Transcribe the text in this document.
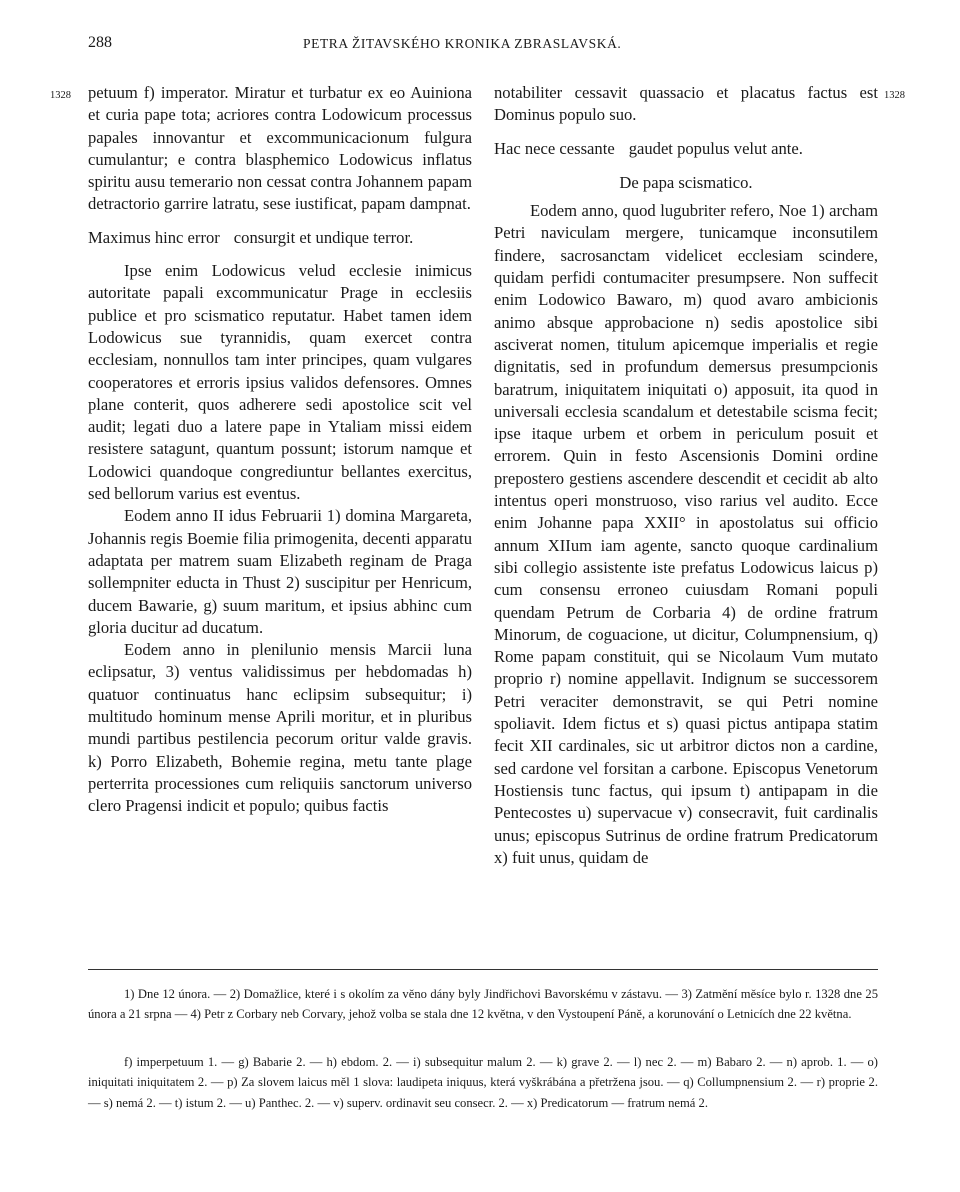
288	PETRA ŽITAVSKÉHO KRONIKA ZBRASLAVSKÁ.
1328	1328

petuum f) imperator. Miratur et turbatur ex eo Auiniona et curia pape tota; acriores contra Lodowicum processus papales innovantur et excommunicacionum fulgura cumulantur; e contra blasphemico Lodowicus inflatus spiritu ausu temerario non cessat contra Johannem papam detractorio garrire latratu, sese iustificat, papam dampnat.

Maximus hinc error consurgit et undique terror.

Ipse enim Lodowicus velud ecclesie inimicus autoritate papali excommunicatur Prage in ecclesiis publice et pro scismatico reputatur. Habet tamen idem Lodowicus sue tyrannidis, quam exercet contra ecclesiam, nonnullos tam inter principes, quam vulgares cooperatores et erroris ipsius validos defensores. Omnes plane conterit, quos adherere sedi apostolice scit vel audit; legati duo a latere pape in Ytaliam missi eidem resistere satagunt, quantum possunt; istorum namque et Lodowici quandoque congrediuntur bellantes exercitus, sed bellorum varius est eventus.

Eodem anno II idus Februarii 1) domina Margareta, Johannis regis Boemie filia primogenita, decenti apparatu adaptata per matrem suam Elizabeth reginam de Praga sollempniter educta in Thust 2) suscipitur per Henricum, ducem Bawarie, g) suum maritum, et ipsius abhinc cum gloria ducitur ad ducatum.

Eodem anno in plenilunio mensis Marcii luna eclipsatur, 3) ventus validissimus per hebdomadas h) quatuor continuatus hanc eclipsim subsequitur; i) multitudo hominum mense Aprili moritur, et in pluribus mundi partibus pestilencia pecorum oritur valde gravis. k) Porro Elizabeth, Bohemie regina, metu tante plage perterrita processiones cum reliquiis sanctorum universo clero Pragensi indicit et populo; quibus factis

notabiliter cessavit quassacio et placatus factus est Dominus populo suo.

Hac nece cessante gaudet populus velut ante.
De papa scismatico.

Eodem anno, quod lugubriter refero, Noe 1) archam Petri naviculam mergere, tunicamque inconsutilem findere, sacrosanctam videlicet ecclesiam scindere, quidam perfidi contumaciter presumpsere. Non suffecit enim Lodowico Bawaro, m) quod avaro ambicionis animo absque approbacione n) sedis apostolice sibi asciverat nomen, titulum apicemque imperialis et regie dignitatis, sed in profundum demersus presumpcionis baratrum, iniquitatem iniquitati o) apposuit, ita quod in universali ecclesia scandalum et detestabile scisma fecit; ipse itaque urbem et orbem in periculum posuit et errorem. Quin in festo Ascensionis Domini ordine prepostero gestiens ascendere descendit et cecidit ab alto intentus operi monstruoso, viso rarius vel audito. Ecce enim Johanne papa XXII° in apostolatus sui officio annum XIIum iam agente, sancto quoque cardinalium sibi collegio assistente iste prefatus Lodowicus laicus p) cum consensu erroneo cuiusdam Romani populi quendam Petrum de Corbaria 4) de ordine fratrum Minorum, de coguacione, ut dicitur, Columpnensium, q) Rome papam constituit, qui se Nicolaum Vum mutato proprio r) nomine appellavit. Indignum se successorem Petri veraciter demonstravit, se qui Petri nomine spoliavit. Idem fictus et s) quasi pictus antipapa statim fecit XII cardinales, sic ut arbitror dictos non a cardine, sed cardone vel forsitan a carbone. Episcopus Venetorum Hostiensis tunc factus, qui ipsum t) antipapam in die Pentecostes u) supervacue v) consecravit, fuit cardinalis unus; episcopus Sutrinus de ordine fratrum Predicatorum x) fuit unus, quidam de

1) Dne 12 února. — 2) Domažlice, které i s okolím za věno dány byly Jindřichovi Bavorskému v zástavu. — 3) Zatmění měsíce bylo r. 1328 dne 25 února a 21 srpna — 4) Petr z Corbary neb Corvary, jehož volba se stala dne 12 května, v den Vystoupení Páně, a korunování o Letnicích dne 22 května.

f) imperpetuum 1. — g) Babarie 2. — h) ebdom. 2. — i) subsequitur malum 2. — k) grave 2. — l) nec 2. — m) Babaro 2. — n) aprob. 1. — o) iniquitati iniquitatem 2. — p) Za slovem laicus měl 1 slova: laudipeta iniquus, která vyškrábána a přetržena jsou. — q) Collumpnensium 2. — r) proprie 2. — s) nemá 2. — t) istum 2. — u) Panthec. 2. — v) superv. ordinavit seu consecr. 2. — x) Predicatorum — fratrum nemá 2.
